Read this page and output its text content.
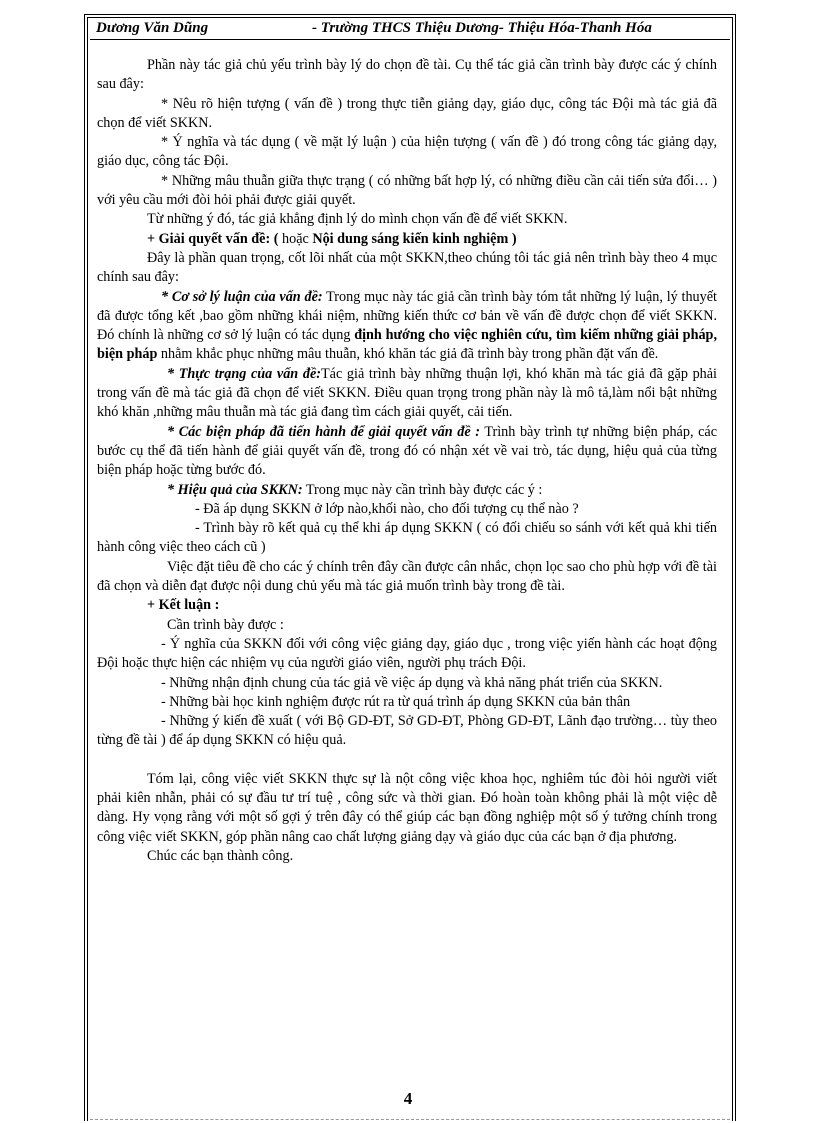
Dương Văn Dũng	- Trường THCS Thiệu Dương- Thiệu Hóa-Thanh Hóa

Phần này tác giả chủ yếu trình bày lý do chọn đề tài. Cụ thể tác giả cần trình bày được các ý chính sau đây:

* Nêu rõ hiện tượng ( vấn đề ) trong thực tiễn giảng dạy, giáo dục, công tác Đội mà tác giả đã chọn để viết SKKN.

* Ý nghĩa và tác dụng ( về mặt lý luận ) của hiện tượng ( vấn đề ) đó trong công tác giảng dạy, giáo dục, công tác Đội.

* Những mâu thuẫn giữa thực trạng ( có những bất hợp lý, có những điều cần cải tiến sửa đổi… ) với yêu cầu mới đòi hỏi phải được giải quyết.

Từ những ý đó, tác giả khẳng định lý do mình chọn vấn đề để viết SKKN.

+ Giải quyết vấn đề: ( hoặc Nội dung sáng kiến kinh nghiệm )

Đây là phần quan trọng, cốt lõi nhất của một SKKN,theo chúng tôi tác giả nên trình bày theo 4 mục chính sau đây:

* Cơ sở lý luận của vấn đề: Trong mục này tác giả cần trình bày tóm tắt những lý luận, lý thuyết đã được tổng kết ,bao gồm những khái niệm, những kiến thức cơ bản về vấn đề được chọn để viết SKKN. Đó chính là những cơ sở lý luận có tác dụng định hướng cho việc nghiên cứu, tìm kiếm những giải pháp, biện pháp nhằm khắc phục những mâu thuẫn, khó khăn tác giả đã trình bày trong phần đặt vấn đề.

* Thực trạng của vấn đề:Tác giả trình bày những thuận lợi, khó khăn mà tác giả đã gặp phải trong vấn đề mà tác giả đã chọn để viết SKKN. Điều quan trọng trong phần này là mô tả,làm nổi bật những khó khăn ,những mâu thuẫn mà tác giả đang tìm cách giải quyết, cải tiến.

* Các biện pháp đã tiến hành để giải quyết vấn đề : Trình bày trình tự những biện pháp, các bước cụ thể đã tiến hành để giải quyết vấn đề, trong đó có nhận xét về vai trò, tác dụng, hiệu quả của từng biện pháp hoặc từng bước đó.

* Hiệu quả của SKKN: Trong mục này cần trình bày được các ý :

- Đã áp dụng SKKN ở lớp nào,khối nào, cho đối tượng cụ thể nào ?

- Trình bày rõ kết quả cụ thể khi áp dụng SKKN ( có đối chiếu so sánh với kết quả khi tiến hành công việc theo cách cũ )

Việc đặt tiêu đề cho các ý chính trên đây cần được cân nhắc, chọn lọc sao cho phù hợp với đề tài đã chọn và diễn đạt được nội dung chủ yếu mà tác giả muốn trình bày trong đề tài.

+ Kết luận :

Cần trình bày được :

- Ý nghĩa của SKKN đối với công việc giảng dạy, giáo dục , trong việc yiến hành các hoạt động Đội hoặc thực hiện các nhiệm vụ của người giáo viên, người phụ trách Đội.

- Những nhận định chung của tác giả về việc áp dụng và khả năng phát triển của SKKN.

- Những bài học kinh nghiệm được rút ra từ quá trình áp dụng SKKN của bản thân

- Những ý kiến đề xuất ( với Bộ GD-ĐT, Sở GD-ĐT, Phòng GD-ĐT, Lãnh đạo trường… tùy theo từng đề tài ) để áp dụng SKKN có hiệu quả.

Tóm lại, công việc viết SKKN thực sự là nột công việc khoa học, nghiêm túc đòi hỏi người viết phải kiên nhẫn, phải có sự đầu tư trí tuệ , công sức và thời gian. Đó hoàn toàn không phải là một việc dễ dàng. Hy vọng rằng với một số gợi ý trên đây có thể giúp các bạn đồng nghiệp một số ý tưởng chính trong công việc viết SKKN, góp phần nâng cao chất lượng giảng dạy và giáo dục của các bạn ở địa phương.

Chúc các bạn thành công.

4
